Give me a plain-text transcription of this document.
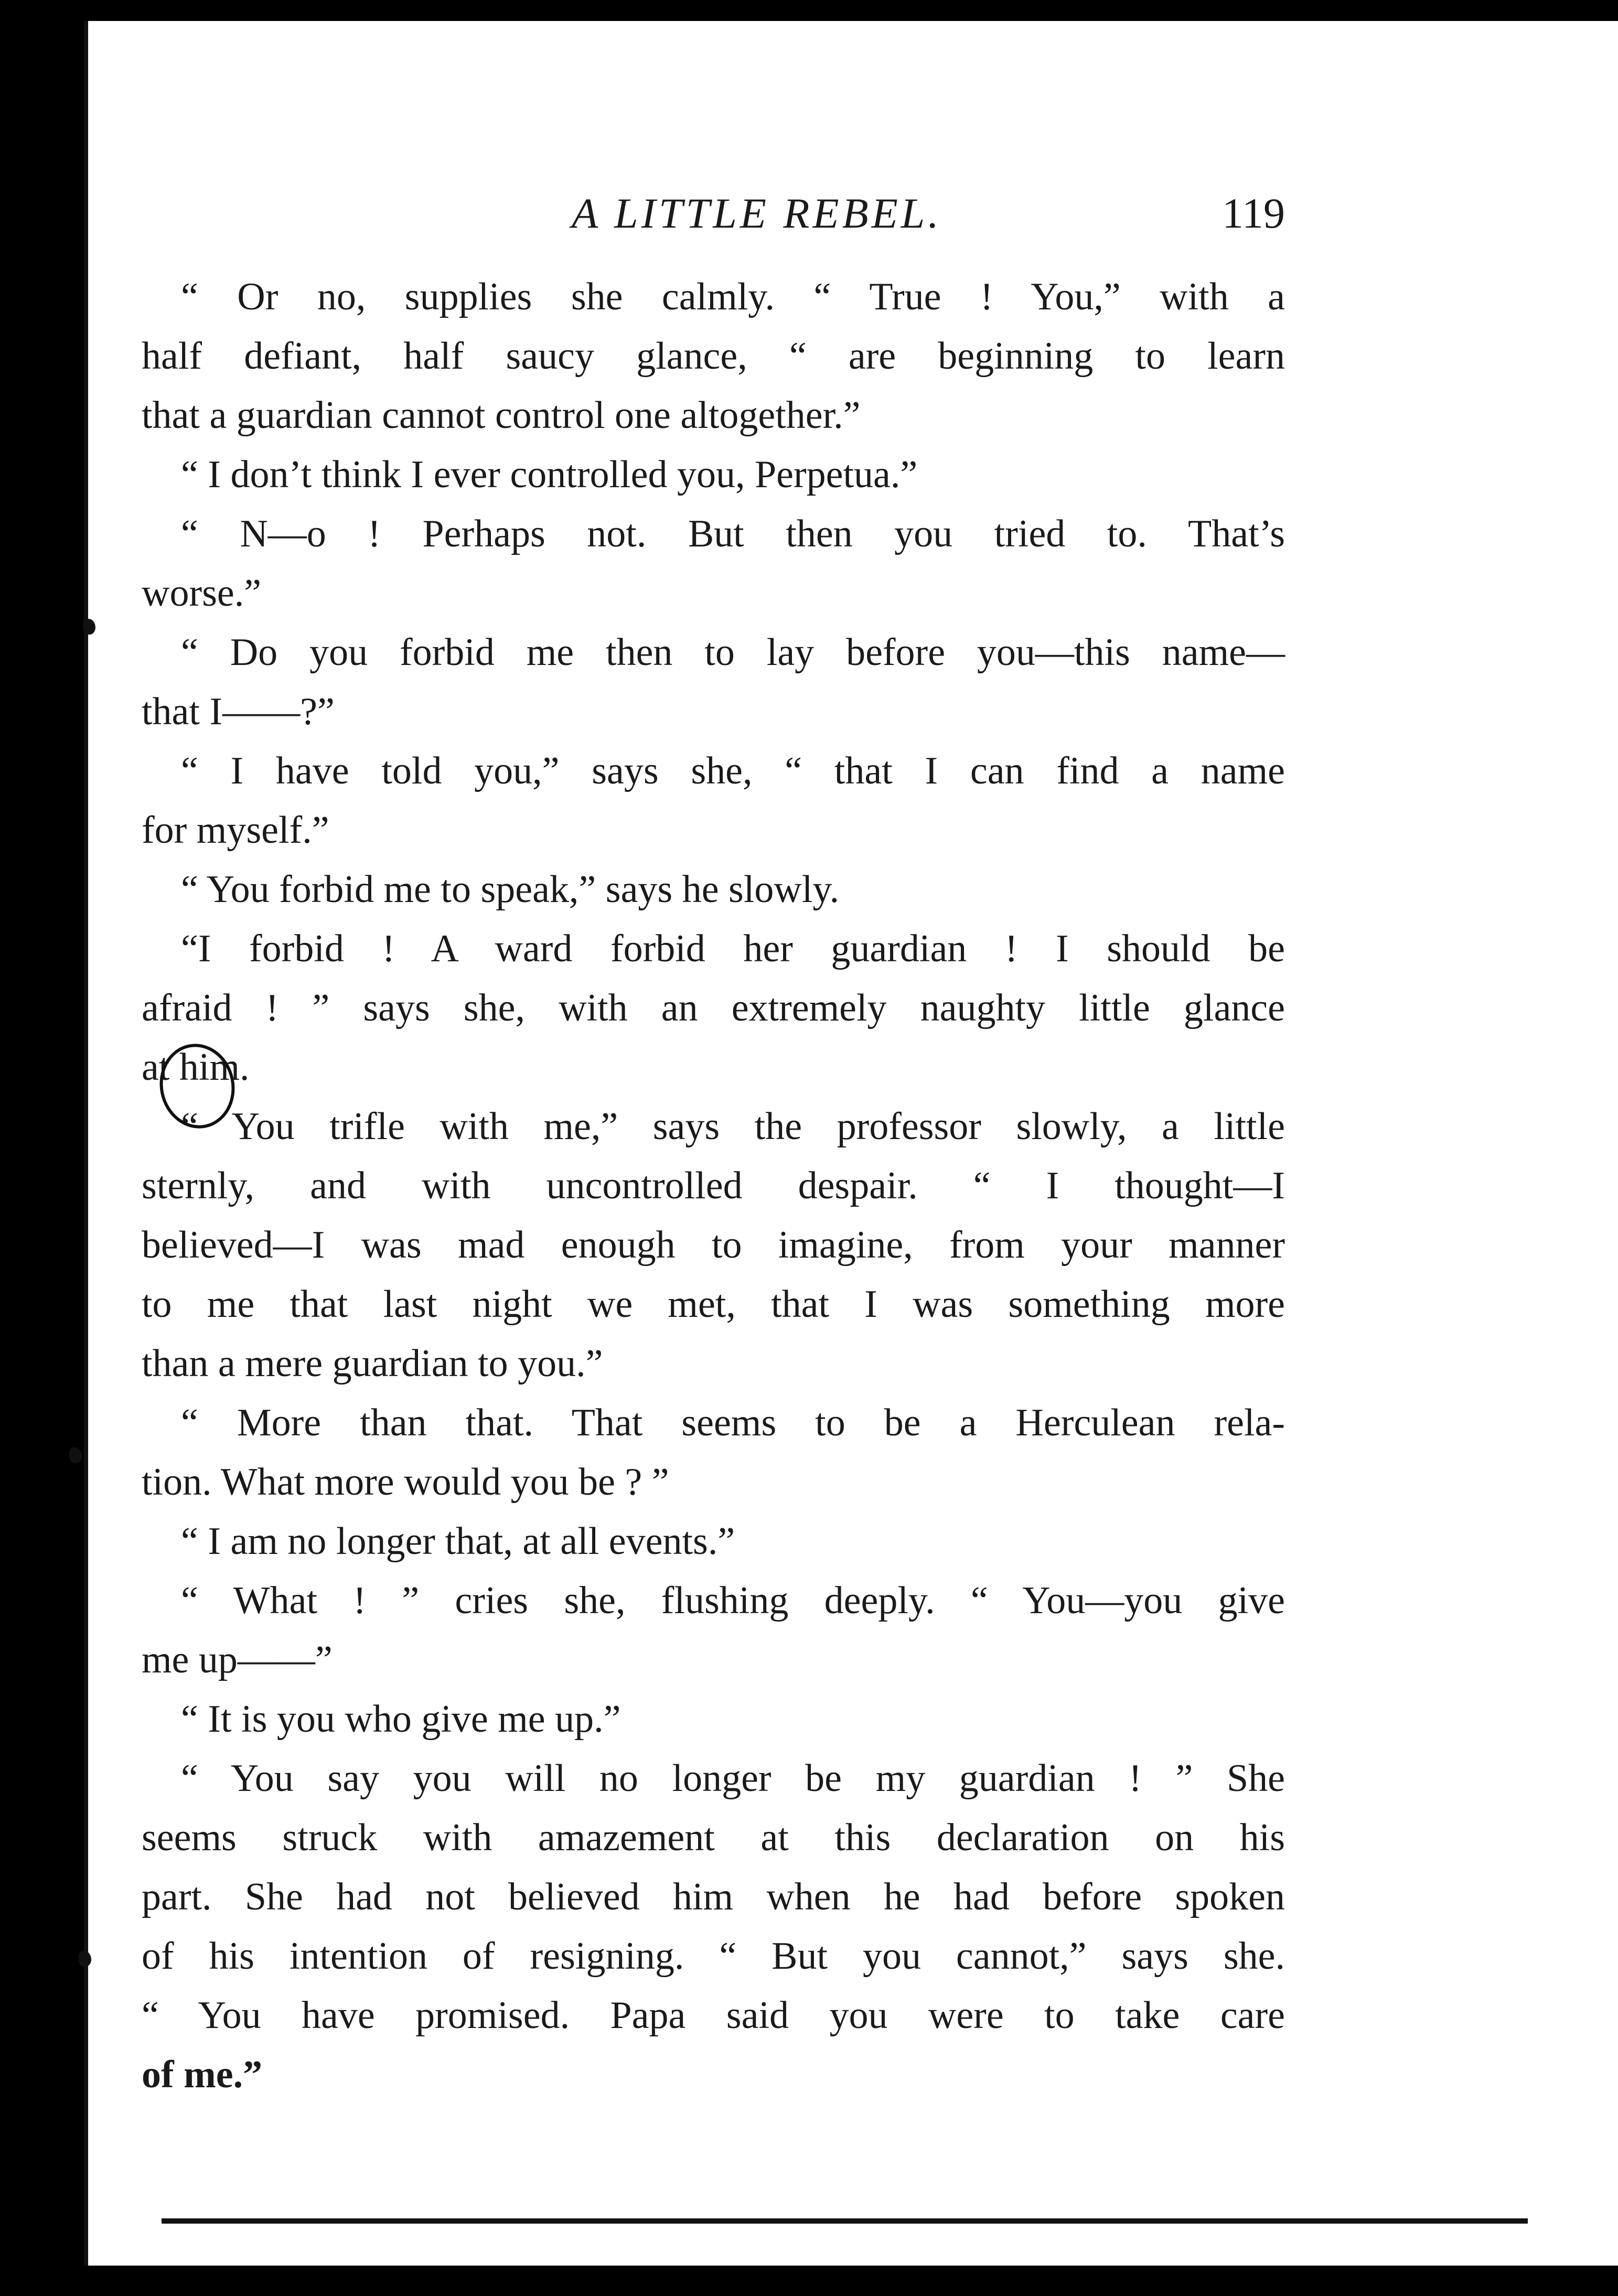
A LITTLE REBEL.	119
“ Or no, supplies she calmly. “ True ! You,” with a
half defiant, half saucy glance, “ are beginning to learn
that a guardian cannot control one altogether.”
“ I don’t think I ever controlled you, Perpetua.”
“ N—o ! Perhaps not. But then you tried to. That’s
worse.”
“ Do you forbid me then to lay before you—this name—
that I——?”
“ I have told you,” says she, “ that I can find a name
for myself.”
“ You forbid me to speak,” says he slowly.
“I forbid ! A ward forbid her guardian ! I should be
afraid ! ” says she, with an extremely naughty little glance
at him.
“ You trifle with me,” says the professor slowly, a little
sternly, and with uncontrolled despair. “ I thought—I
believed—I was mad enough to imagine, from your manner
to me that last night we met, that I was something more
than a mere guardian to you.”
“ More than that. That seems to be a Herculean rela-
tion. What more would you be ? ”
“ I am no longer that, at all events.”
“ What ! ” cries she, flushing deeply. “ You—you give
me up——”
“ It is you who give me up.”
“ You say you will no longer be my guardian ! ” She
seems struck with amazement at this declaration on his
part. She had not believed him when he had before spoken
of his intention of resigning. “ But you cannot,” says she.
“ You have promised. Papa said you were to take care
of me.”
